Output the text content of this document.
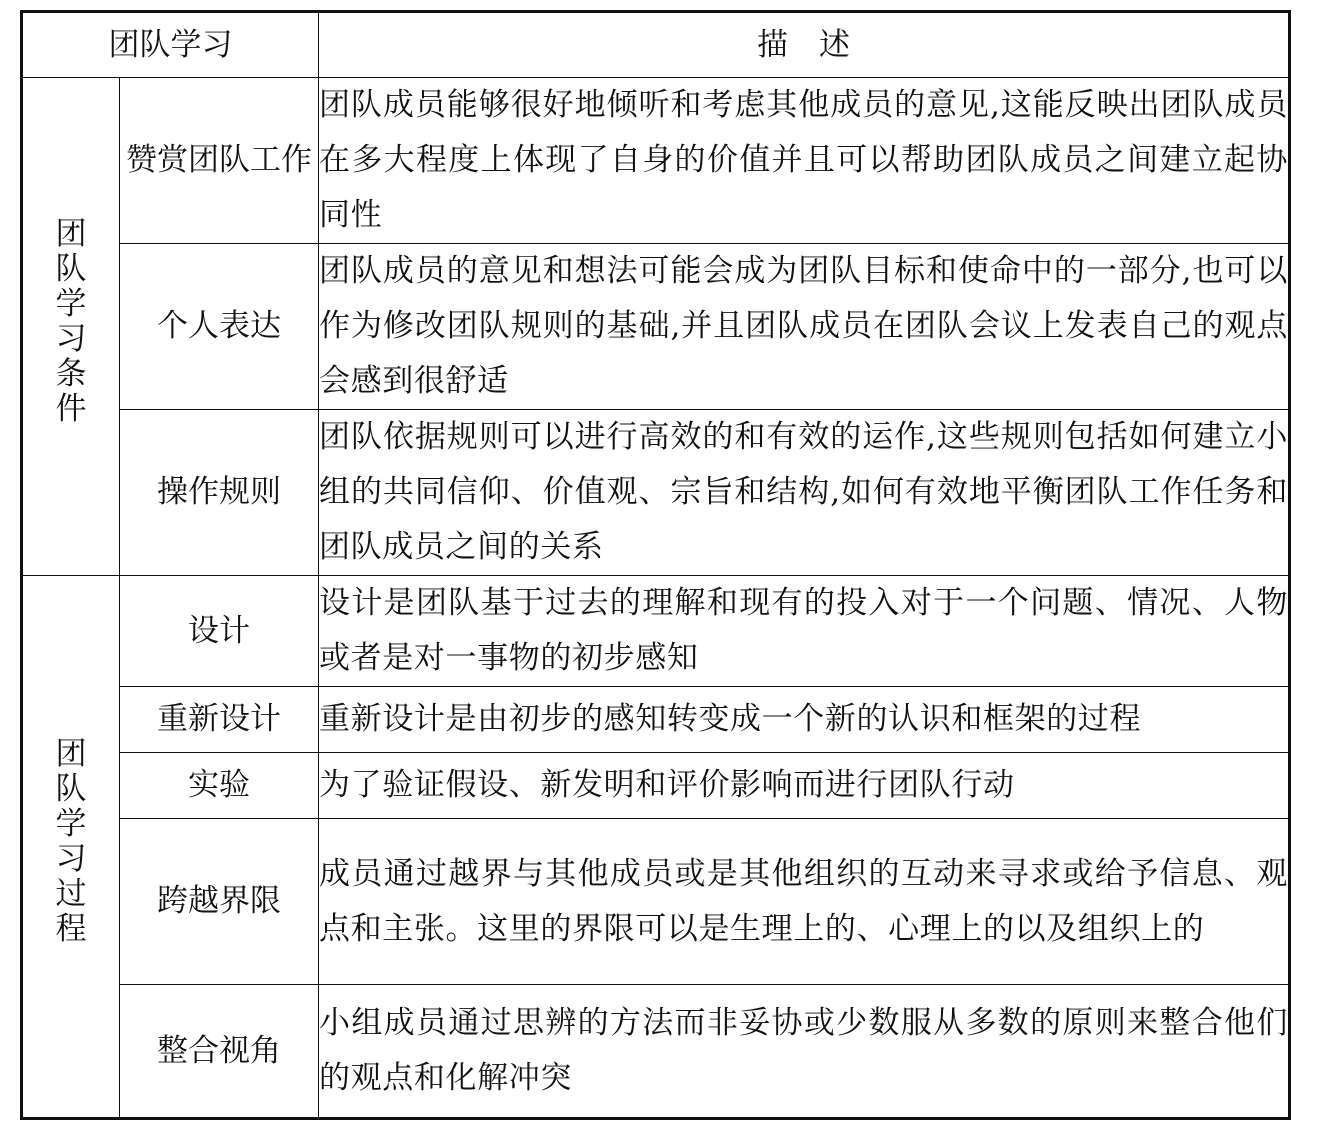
团队学习		描　述
团队学习条件	赞赏团队工作	团队成员能够很好地倾听和考虑其他成员的意见,这能反映出团队成员在多大程度上体现了自身的价值并且可以帮助团队成员之间建立起协同性
	个人表达	团队成员的意见和想法可能会成为团队目标和使命中的一部分,也可以作为修改团队规则的基础,并且团队成员在团队会议上发表自己的观点会感到很舒适
	操作规则	团队依据规则可以进行高效的和有效的运作,这些规则包括如何建立小组的共同信仰、价值观、宗旨和结构,如何有效地平衡团队工作任务和团队成员之间的关系
团队学习过程	设计	设计是团队基于过去的理解和现有的投入对于一个问题、情况、人物或者是对一事物的初步感知
	重新设计	重新设计是由初步的感知转变成一个新的认识和框架的过程
	实验	为了验证假设、新发明和评价影响而进行团队行动
	跨越界限	成员通过越界与其他成员或是其他组织的互动来寻求或给予信息、观点和主张。这里的界限可以是生理上的、心理上的以及组织上的
	整合视角	小组成员通过思辨的方法而非妥协或少数服从多数的原则来整合他们的观点和化解冲突
